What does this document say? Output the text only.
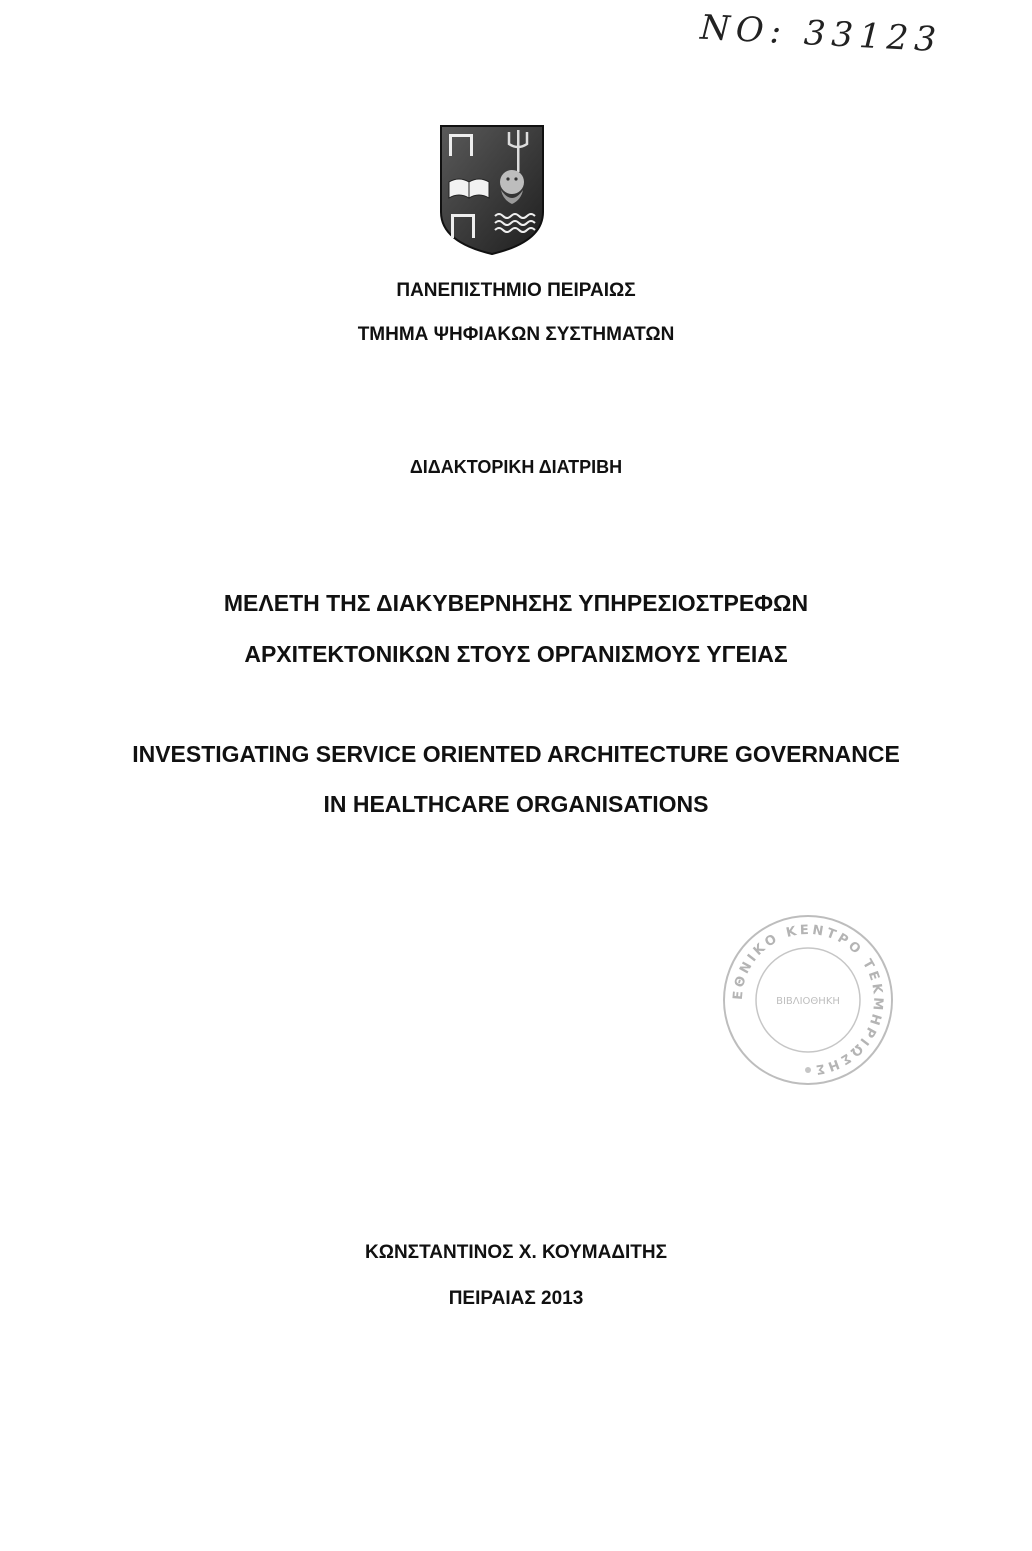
NO: 33123
ΠΑΝΕΠΙΣΤΗΜΙΟ ΠΕΙΡΑΙΩΣ
ΤΜΗΜΑ ΨΗΦΙΑΚΩΝ ΣΥΣΤΗΜΑΤΩΝ
ΔΙΔΑΚΤΟΡΙΚΗ ΔΙΑΤΡΙΒΗ
ΜΕΛΕΤΗ ΤΗΣ ΔΙΑΚΥΒΕΡΝΗΣΗΣ ΥΠΗΡΕΣΙΟΣΤΡΕΦΩΝ
ΑΡΧΙΤΕΚΤΟΝΙΚΩΝ ΣΤΟΥΣ ΟΡΓΑΝΙΣΜΟΥΣ ΥΓΕΙΑΣ
INVESTIGATING SERVICE ORIENTED ARCHITECTURE GOVERNANCE
IN HEALTHCARE ORGANISATIONS
ΕΘΝΙΚΟ ΚΕΝΤΡΟ ΤΕΚΜΗΡΙΩΣΗΣ
ΒΙΒΛΙΟΘΗΚΗ
ΚΩΝΣΤΑΝΤΙΝΟΣ Χ. ΚΟΥΜΑΔΙΤΗΣ
ΠΕΙΡΑΙΑΣ 2013
